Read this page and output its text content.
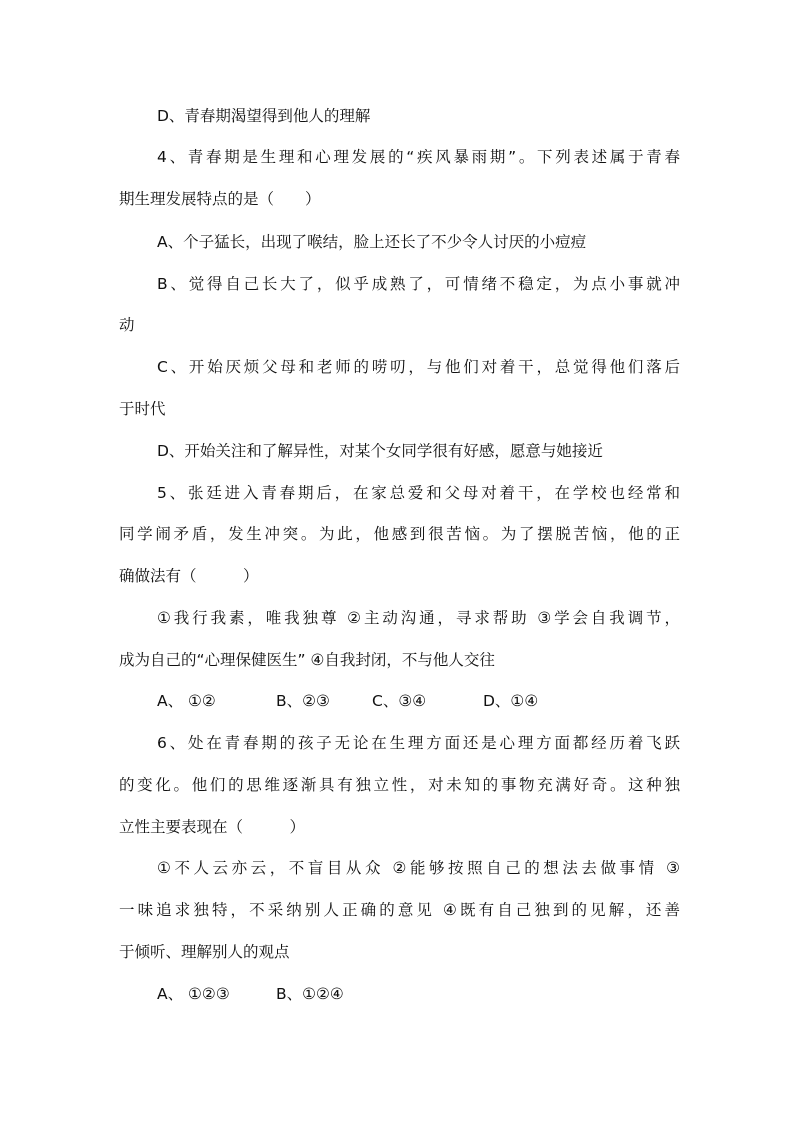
D、青春期渴望得到他人的理解
4、青春期是生理和心理发展的“疾风暴雨期”。下列表述属于青春
期生理发展特点的是（　　）
A、个子猛长，出现了喉结，脸上还长了不少令人讨厌的小痘痘
B、觉得自己长大了，似乎成熟了，可情绪不稳定，为点小事就冲
动
C、开始厌烦父母和老师的唠叨，与他们对着干，总觉得他们落后
于时代
D、开始关注和了解异性，对某个女同学很有好感，愿意与她接近
5、张廷进入青春期后，在家总爱和父母对着干，在学校也经常和
同学闹矛盾，发生冲突。为此，他感到很苦恼。为了摆脱苦恼，他的正
确做法有（　　　）
①我行我素，唯我独尊 ②主动沟通，寻求帮助 ③学会自我调节，
成为自己的“心理保健医生” ④自我封闭，不与他人交往
A、 ①②	B、②③	C、③④	D、①④
6、处在青春期的孩子无论在生理方面还是心理方面都经历着飞跃
的变化。他们的思维逐渐具有独立性，对未知的事物充满好奇。这种独
立性主要表现在（　　　）
①不人云亦云，不盲目从众 ②能够按照自己的想法去做事情 ③
一味追求独特，不采纳别人正确的意见 ④既有自己独到的见解，还善
于倾听、理解别人的观点
A、 ①②③	B、①②④
